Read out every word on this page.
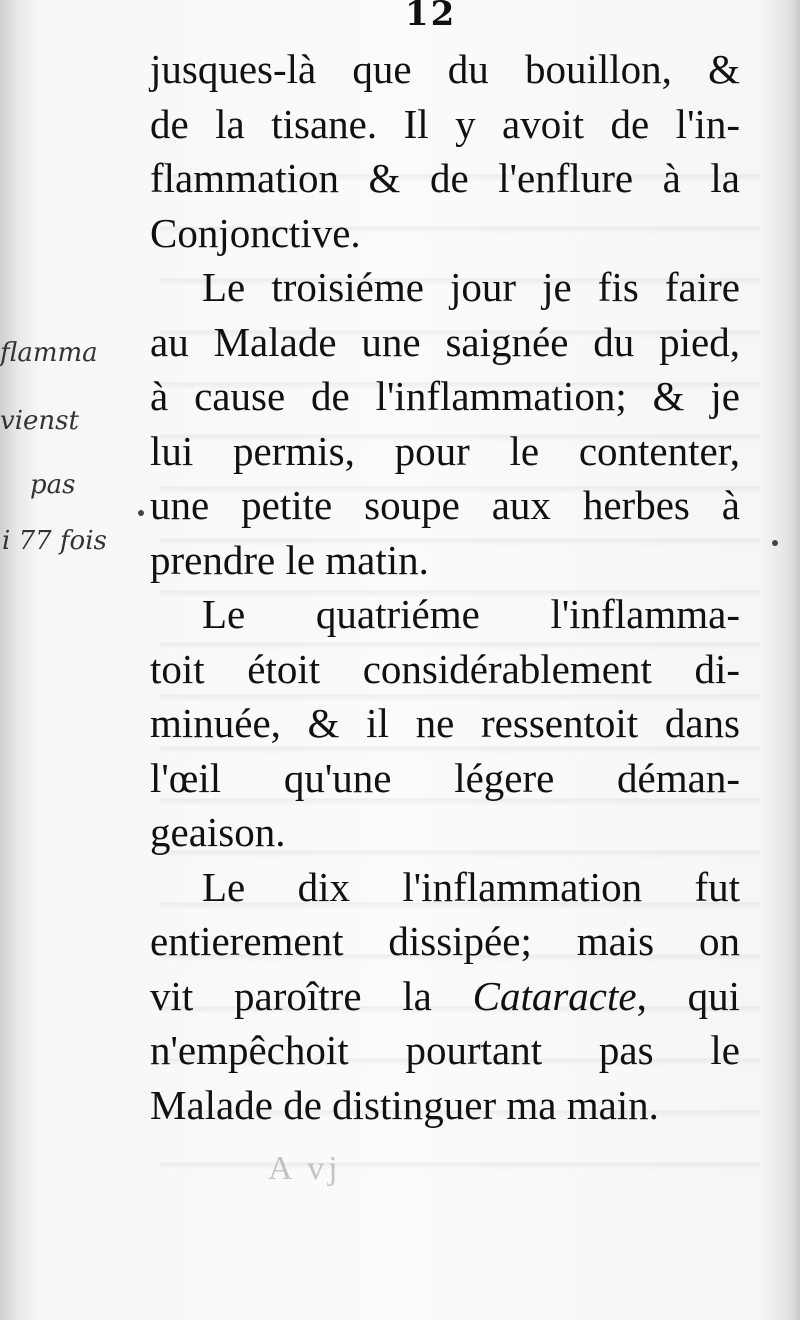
12
flamma
vienst
pas
i 77 fois
jusques-là que du bouillon, &
de la tisane. Il y avoit de l'in-
flammation & de l'enflure à la
Conjonctive.
Le troisiéme jour je fis faire
au Malade une saignée du pied,
à cause de l'inflammation; & je
lui permis, pour le contenter,
une petite soupe aux herbes à
prendre le matin.
Le quatriéme l'inflamma-
toit étoit considérablement di-
minuée, & il ne ressentoit dans
l'œil qu'une légere déman-
geaison.
Le dix l'inflammation fut
entierement dissipée; mais on
vit paroître la Cataracte, qui
n'empêchoit pourtant pas le
Malade de distinguer ma main.
A vj
